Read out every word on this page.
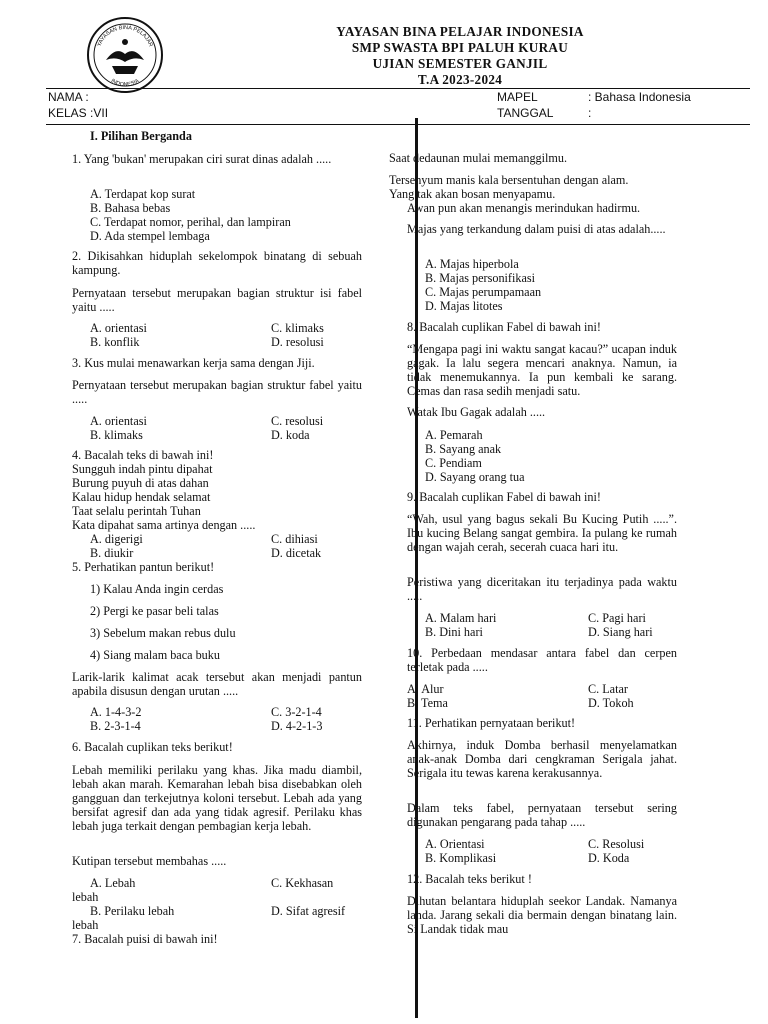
YAYASAN BINA PELAJAR
INDONESIA
YAYASAN BINA PELAJAR INDONESIA
SMP SWASTA BPI PALUH KURAU
UJIAN SEMESTER GANJIL
T.A 2023-2024
NAMA :
KELAS :VII
MAPEL	: Bahasa Indonesia
TANGGAL	:
I. Pilihan Berganda
1. Yang 'bukan' merupakan ciri surat dinas adalah .....
A. Terdapat kop surat
B. Bahasa bebas
C. Terdapat nomor, perihal, dan lampiran
D. Ada stempel lembaga
2. Dikisahkan hiduplah sekelompok binatang di sebuah kampung.
Pernyataan tersebut merupakan bagian struktur isi fabel yaitu .....
A. orientasi	C. klimaks
B. konflik	D. resolusi
3. Kus mulai menawarkan kerja sama dengan Jiji.
Pernyataan tersebut merupakan bagian struktur fabel yaitu .....
A. orientasi	C. resolusi
B. klimaks	D. koda
4. Bacalah teks di bawah ini!
Sungguh indah pintu dipahat
Burung puyuh di atas dahan
Kalau hidup hendak selamat
Taat selalu perintah Tuhan
Kata dipahat sama artinya dengan .....
A. digerigi	C. dihiasi
B. diukir	D. dicetak
5. Perhatikan pantun berikut!
1) Kalau Anda ingin cerdas
2) Pergi ke pasar beli talas
3) Sebelum makan rebus dulu
4) Siang malam baca buku
Larik-larik kalimat acak tersebut akan menjadi pantun apabila disusun dengan urutan .....
A. 1-4-3-2	C. 3-2-1-4
B. 2-3-1-4	D. 4-2-1-3
6. Bacalah cuplikan teks berikut!
Lebah memiliki perilaku yang khas. Jika madu diambil, lebah akan marah. Kemarahan lebah bisa disebabkan oleh gangguan dan terkejutnya koloni tersebut. Lebah ada yang bersifat agresif dan ada yang tidak agresif. Perilaku khas lebah juga terkait dengan pembagian kerja lebah.
Kutipan tersebut membahas .....
A. Lebah	C. Kekhasan
lebah
B. Perilaku lebah	D. Sifat agresif
lebah
7. Bacalah puisi di bawah ini!
Saat dedaunan mulai memanggilmu.
Tersenyum manis kala bersentuhan dengan alam.
Yang tak akan bosan menyapamu.
Awan pun akan menangis merindukan hadirmu.
Majas yang terkandung dalam puisi di atas adalah.....
A. Majas hiperbola
B. Majas personifikasi
C. Majas perumpamaan
D. Majas litotes
8. Bacalah cuplikan Fabel di bawah ini!
“Mengapa pagi ini waktu sangat kacau?” ucapan induk gagak. Ia lalu segera mencari anaknya. Namun, ia tidak menemukannya. Ia pun kembali ke sarang. Cemas dan rasa sedih menjadi satu.
Watak Ibu Gagak adalah .....
A. Pemarah
B. Sayang anak
C. Pendiam
D. Sayang orang tua
9. Bacalah cuplikan Fabel di bawah ini!
“Wah, usul yang bagus sekali Bu Kucing Putih .....”. Ibu kucing Belang sangat gembira. Ia pulang ke rumah dengan wajah cerah, secerah cuaca hari itu.
Peristiwa yang diceritakan itu terjadinya pada waktu .....
A. Malam hari	C. Pagi hari
B. Dini hari	D. Siang hari
10. Perbedaan mendasar antara fabel dan cerpen terletak pada .....
A. Alur	C. Latar
B. Tema	D. Tokoh
11. Perhatikan pernyataan berikut!
Akhirnya, induk Domba berhasil menyelamatkan anak-anak Domba dari cengkraman Serigala jahat. Serigala itu tewas karena kerakusannya.
Dalam teks fabel, pernyataan tersebut sering digunakan pengarang pada tahap .....
A. Orientasi	C. Resolusi
B. Komplikasi	D. Koda
12. Bacalah teks berikut !
Dihutan belantara hiduplah seekor Landak. Namanya landa. Jarang sekali dia bermain dengan binatang lain. Si Landak tidak mau
